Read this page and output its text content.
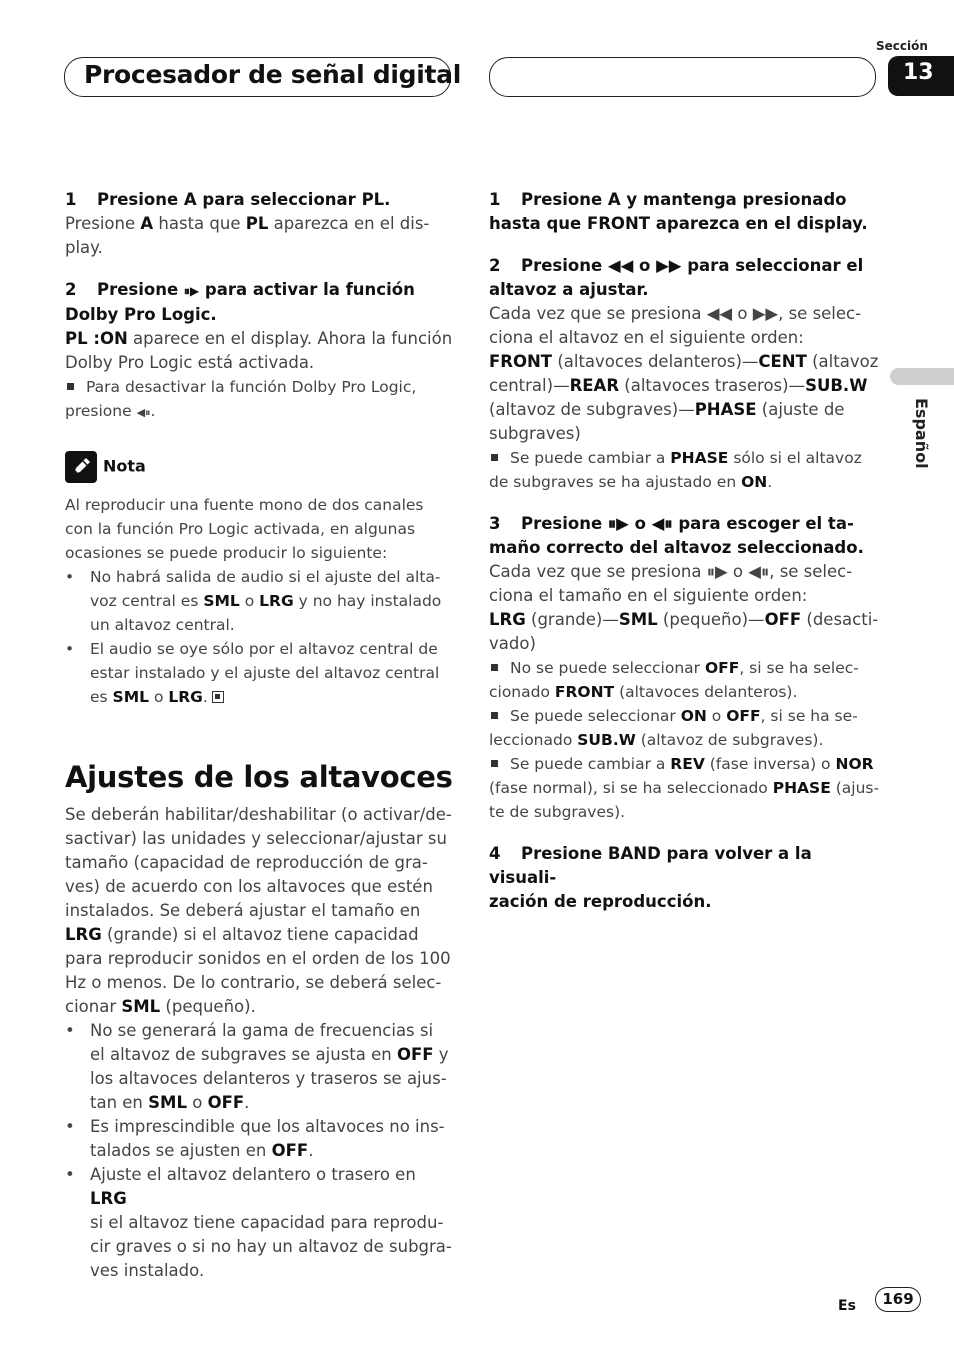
Procesador de señal digital
Sección
13
Español

1 Presione A para seleccionar PL.

Presione A hasta que PL aparezca en el dis-
play.

2 Presione ⏸▶ para activar la función
Dolby Pro Logic.

PL :ON aparece en el display. Ahora la función
Dolby Pro Logic está activada.

Para desactivar la función Dolby Pro Logic,
presione ◀⏸.

Nota

Al reproducir una fuente mono de dos canales
con la función Pro Logic activada, en algunas
ocasiones se puede producir lo siguiente:

•	No habrá salida de audio si el ajuste del alta-
voz central es SML o LRG y no hay instalado
un altavoz central.
•	El audio se oye sólo por el altavoz central de
estar instalado y el ajuste del altavoz central
es SML o LRG.
Ajustes de los altavoces

Se deberán habilitar/deshabilitar (o activar/de-
sactivar) las unidades y seleccionar/ajustar su
tamaño (capacidad de reproducción de gra-
ves) de acuerdo con los altavoces que estén
instalados. Se deberá ajustar el tamaño en
LRG (grande) si el altavoz tiene capacidad
para reproducir sonidos en el orden de los 100
Hz o menos. De lo contrario, se deberá selec-
cionar SML (pequeño).

• No se generará la gama de frecuencias si
el altavoz de subgraves se ajusta en OFF y
los altavoces delanteros y traseros se ajus-
tan en SML o OFF.
• Es imprescindible que los altavoces no ins-
talados se ajusten en OFF.
• Ajuste el altavoz delantero o trasero en LRG
si el altavoz tiene capacidad para reprodu-
cir graves o si no hay un altavoz de subgra-
ves instalado.

1 Presione A y mantenga presionado
hasta que FRONT aparezca en el display.

2 Presione ◀◀ o ▶▶ para seleccionar el
altavoz a ajustar.

Cada vez que se presiona ◀◀ o ▶▶, se selec-
ciona el altavoz en el siguiente orden:

FRONT (altavoces delanteros)—CENT (altavoz
central)—REAR (altavoces traseros)—SUB.W
(altavoz de subgraves)—PHASE (ajuste de
subgraves)

Se puede cambiar a PHASE sólo si el altavoz
de subgraves se ha ajustado en ON.

3 Presione ⏸▶ o ◀⏸ para escoger el ta-
maño correcto del altavoz seleccionado.

Cada vez que se presiona ⏸▶ o ◀⏸, se selec-
ciona el tamaño en el siguiente orden:

LRG (grande)—SML (pequeño)—OFF (desacti-
vado)

No se puede seleccionar OFF, si se ha selec-
cionado FRONT (altavoces delanteros).

Se puede seleccionar ON o OFF, si se ha se-
leccionado SUB.W (altavoz de subgraves).

Se puede cambiar a REV (fase inversa) o NOR
(fase normal), si se ha seleccionado PHASE (ajus-
te de subgraves).

4 Presione BAND para volver a la visuali-
zación de reproducción.

Es	169
